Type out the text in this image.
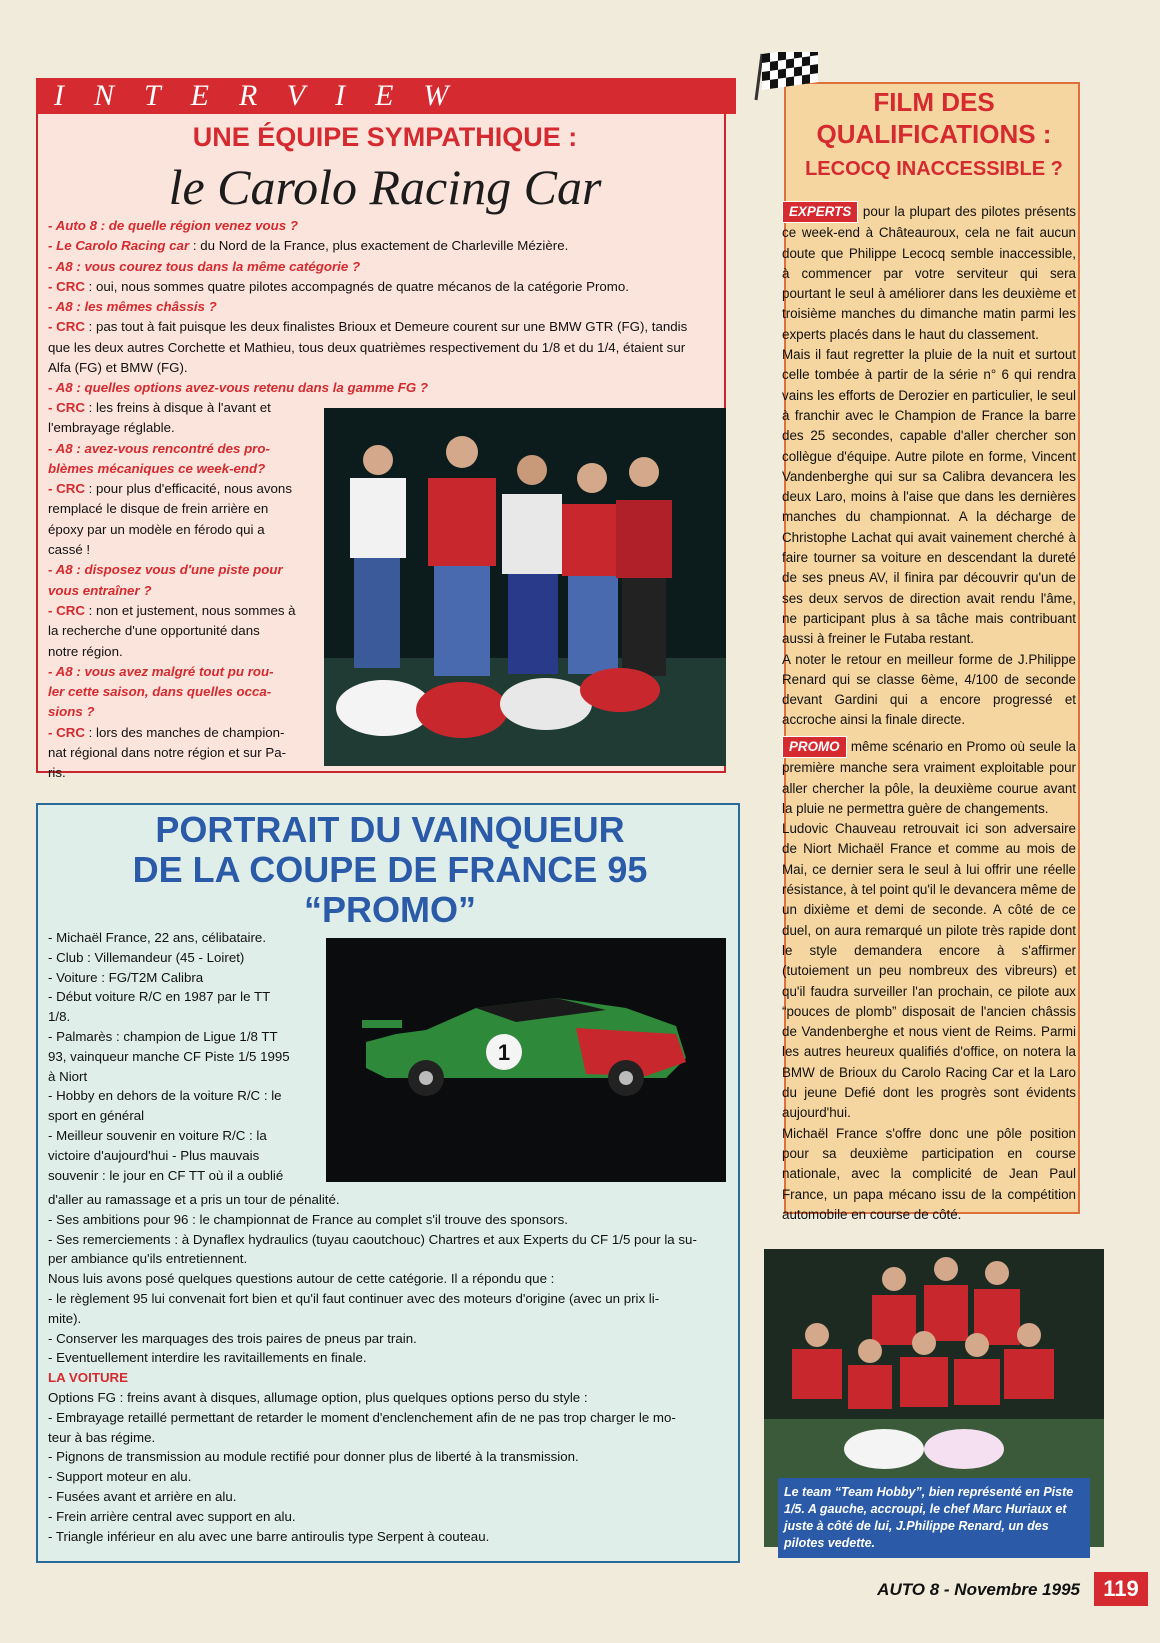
INTERVIEW
UNE ÉQUIPE SYMPATHIQUE :
le Carolo Racing Car
- Auto 8 : de quelle région venez vous ?
- Le Carolo Racing car : du Nord de la France, plus exactement de Charleville Mézière.
- A8 : vous courez tous dans la même catégorie ?
- CRC : oui, nous sommes quatre pilotes accompagnés de quatre mécanos de la catégorie Promo.
- A8 : les mêmes châssis ?
- CRC : pas tout à fait puisque les deux finalistes Brioux et Demeure courent sur une BMW GTR (FG), tandis
que les deux autres Corchette et Mathieu, tous deux quatrièmes respectivement du 1/8 et du 1/4, étaient sur
Alfa (FG) et BMW (FG).
- A8 : quelles options avez-vous retenu dans la gamme FG ?
- CRC : les freins à disque à l'avant et
l'embrayage réglable.
- A8 : avez-vous rencontré des pro-
blèmes mécaniques ce week-end?
- CRC : pour plus d'efficacité, nous avons
remplacé le disque de frein arrière en
époxy par un modèle en férodo qui a
cassé !
- A8 : disposez vous d'une piste pour
vous entraîner ?
- CRC : non et justement, nous sommes à
la recherche d'une opportunité dans
notre région.
- A8 : vous avez malgré tout pu rou-
ler cette saison, dans quelles occa-
sions ?
- CRC : lors des manches de champion-
nat régional dans notre région et sur Pa-
ris.
PORTRAIT DU VAINQUEUR
DE LA COUPE DE FRANCE 95
“PROMO”
- Michaël France, 22 ans, célibataire.
- Club : Villemandeur (45 - Loiret)
- Voiture : FG/T2M Calibra
- Début voiture R/C en 1987 par le TT
1/8.
- Palmarès : champion de Ligue 1/8 TT
93, vainqueur manche CF Piste 1/5 1995
à Niort
- Hobby en dehors de la voiture R/C : le
sport en général
- Meilleur souvenir en voiture R/C : la
victoire d'aujourd'hui - Plus mauvais
souvenir : le jour en CF TT où il a oublié
1
d'aller au ramassage et a pris un tour de pénalité.
- Ses ambitions pour 96 : le championnat de France au complet s'il trouve des sponsors.
- Ses remerciements : à Dynaflex hydraulics (tuyau caoutchouc) Chartres et aux Experts du CF 1/5 pour la su-
per ambiance qu'ils entretiennent.
Nous luis avons posé quelques questions autour de cette catégorie. Il a répondu que :
- le règlement 95 lui convenait fort bien et qu'il faut continuer avec des moteurs d'origine (avec un prix li-
mite).
- Conserver les marquages des trois paires de pneus par train.
- Eventuellement interdire les ravitaillements en finale.
LA VOITURE
Options FG : freins avant à disques, allumage option, plus quelques options perso du style :
- Embrayage retaillé permettant de retarder le moment d'enclenchement afin de ne pas trop charger le mo-
teur à bas régime.
- Pignons de transmission au module rectifié pour donner plus de liberté à la transmission.
- Support moteur en alu.
- Fusées avant et arrière en alu.
- Frein arrière central avec support en alu.
- Triangle inférieur en alu avec une barre antiroulis type Serpent à couteau.
FILM DES
QUALIFICATIONS :
LECOCQ INACCESSIBLE ?

EXPERTS pour la plupart des pilotes présents ce week-end à Châteauroux, cela ne fait aucun doute que Philippe Lecocq semble inaccessible, à commencer par votre serviteur qui sera pourtant le seul à améliorer dans les deuxième et troisième manches du dimanche matin parmi les experts placés dans le haut du classement.

Mais il faut regretter la pluie de la nuit et surtout celle tombée à partir de la série n° 6 qui rendra vains les efforts de Derozier en particulier, le seul à franchir avec le Champion de France la barre des 25 secondes, capable d'aller chercher son collègue d'équipe. Autre pilote en forme, Vincent Vandenberghe qui sur sa Calibra devancera les deux Laro, moins à l'aise que dans les dernières manches du championnat. A la décharge de Christophe Lachat qui avait vainement cherché à faire tourner sa voiture en descendant la dureté de ses pneus AV, il finira par découvrir qu'un de ses deux servos de direction avait rendu l'âme, ne participant plus à sa tâche mais contribuant aussi à freiner le Futaba restant.

A noter le retour en meilleur forme de J.Philippe Renard qui se classe 6ème, 4/100 de seconde devant Gardini qui a encore progressé et accroche ainsi la finale directe.

PROMO même scénario en Promo où seule la première manche sera vraiment exploitable pour aller chercher la pôle, la deuxième courue avant la pluie ne permettra guère de changements.

Ludovic Chauveau retrouvait ici son adversaire de Niort Michaël France et comme au mois de Mai, ce dernier sera le seul à lui offrir une réelle résistance, à tel point qu'il le devancera même de un dixième et demi de seconde. A côté de ce duel, on aura remarqué un pilote très rapide dont le style demandera encore à s'affirmer (tutoiement un peu nombreux des vibreurs) et qu'il faudra surveiller l'an prochain, ce pilote aux “pouces de plomb” disposait de l'ancien châssis de Vandenberghe et nous vient de Reims. Parmi les autres heureux qualifiés d'office, on notera la BMW de Brioux du Carolo Racing Car et la Laro du jeune Defié dont les progrès sont évidents aujourd'hui.

Michaël France s'offre donc une pôle position pour sa deuxième participation en course nationale, avec la complicité de Jean Paul France, un papa mécano issu de la compétition automobile en course de côté.

Le team “Team Hobby”, bien représenté en Piste 1/5. A gauche, accroupi, le chef Marc Huriaux et juste à côté de lui, J.Philippe Renard, un des pilotes vedette.
AUTO 8 - Novembre 1995	119
